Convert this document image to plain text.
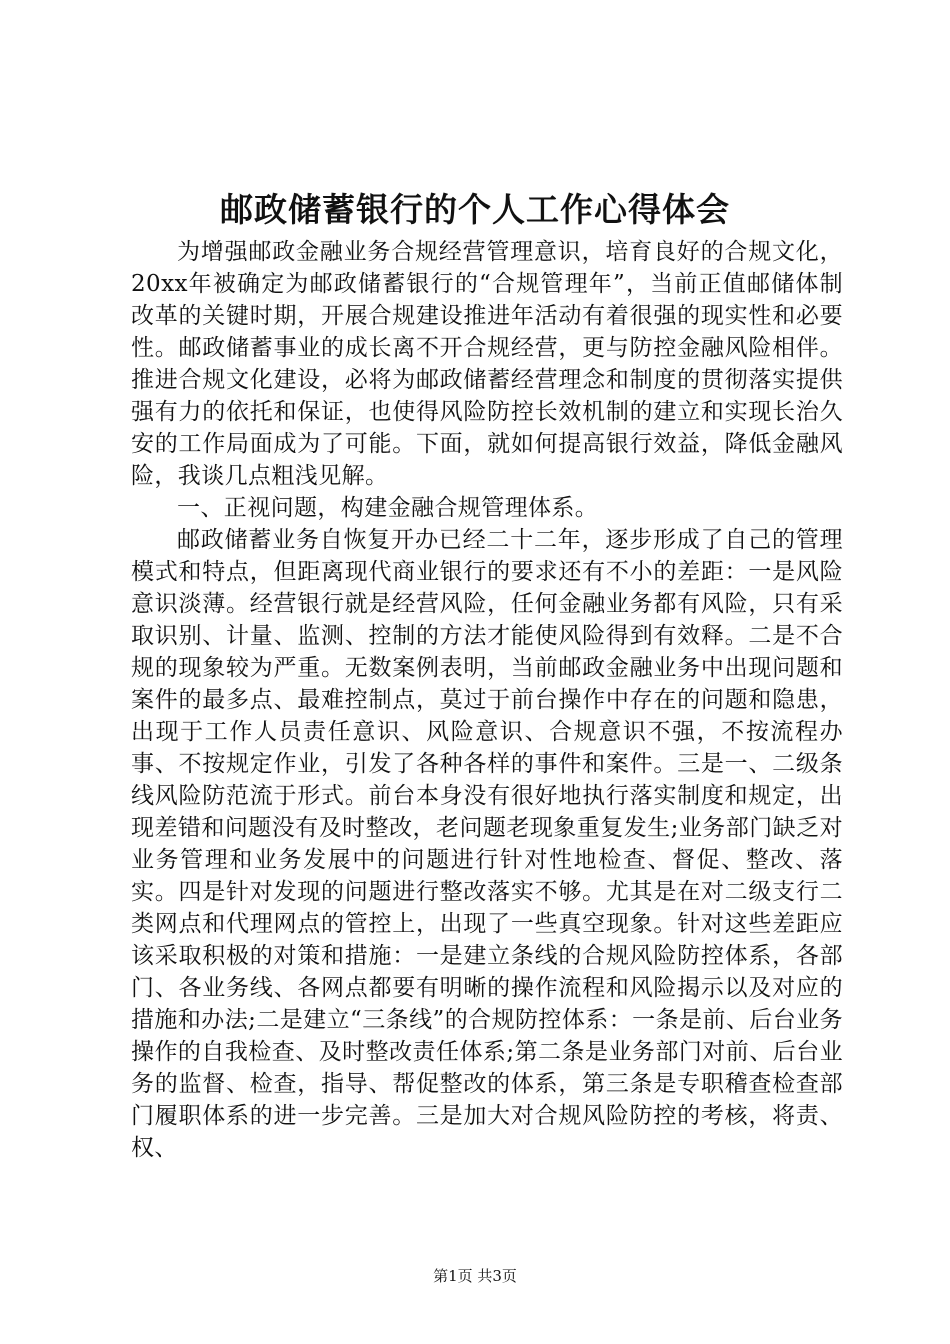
邮政储蓄银行的个人工作心得体会

为增强邮政金融业务合规经营管理意识，培育良好的合规文化，20xx年被确定为邮政储蓄银行的“合规管理年”，当前正值邮储体制改革的关键时期，开展合规建设推进年活动有着很强的现实性和必要性。邮政储蓄事业的成长离不开合规经营，更与防控金融风险相伴。推进合规文化建设，必将为邮政储蓄经营理念和制度的贯彻落实提供强有力的依托和保证，也使得风险防控长效机制的建立和实现长治久安的工作局面成为了可能。下面，就如何提高银行效益，降低金融风险，我谈几点粗浅见解。

一、正视问题，构建金融合规管理体系。

邮政储蓄业务自恢复开办已经二十二年，逐步形成了自己的管理模式和特点，但距离现代商业银行的要求还有不小的差距：一是风险意识淡薄。经营银行就是经营风险，任何金融业务都有风险，只有采取识别、计量、监测、控制的方法才能使风险得到有效释。二是不合规的现象较为严重。无数案例表明，当前邮政金融业务中出现问题和案件的最多点、最难控制点，莫过于前台操作中存在的问题和隐患，出现于工作人员责任意识、风险意识、合规意识不强，不按流程办事、不按规定作业，引发了各种各样的事件和案件。三是一、二级条线风险防范流于形式。前台本身没有很好地执行落实制度和规定，出现差错和问题没有及时整改，老问题老现象重复发生;业务部门缺乏对业务管理和业务发展中的问题进行针对性地检查、督促、整改、落实。四是针对发现的问题进行整改落实不够。尤其是在对二级支行二类网点和代理网点的管控上，出现了一些真空现象。针对这些差距应该采取积极的对策和措施：一是建立条线的合规风险防控体系，各部门、各业务线、各网点都要有明晰的操作流程和风险揭示以及对应的措施和办法;二是建立“三条线”的合规防控体系：一条是前、后台业务操作的自我检查、及时整改责任体系;第二条是业务部门对前、后台业务的监督、检查，指导、帮促整改的体系，第三条是专职稽查检查部门履职体系的进一步完善。三是加大对合规风险防控的考核，将责、权、

第1页 共3页
